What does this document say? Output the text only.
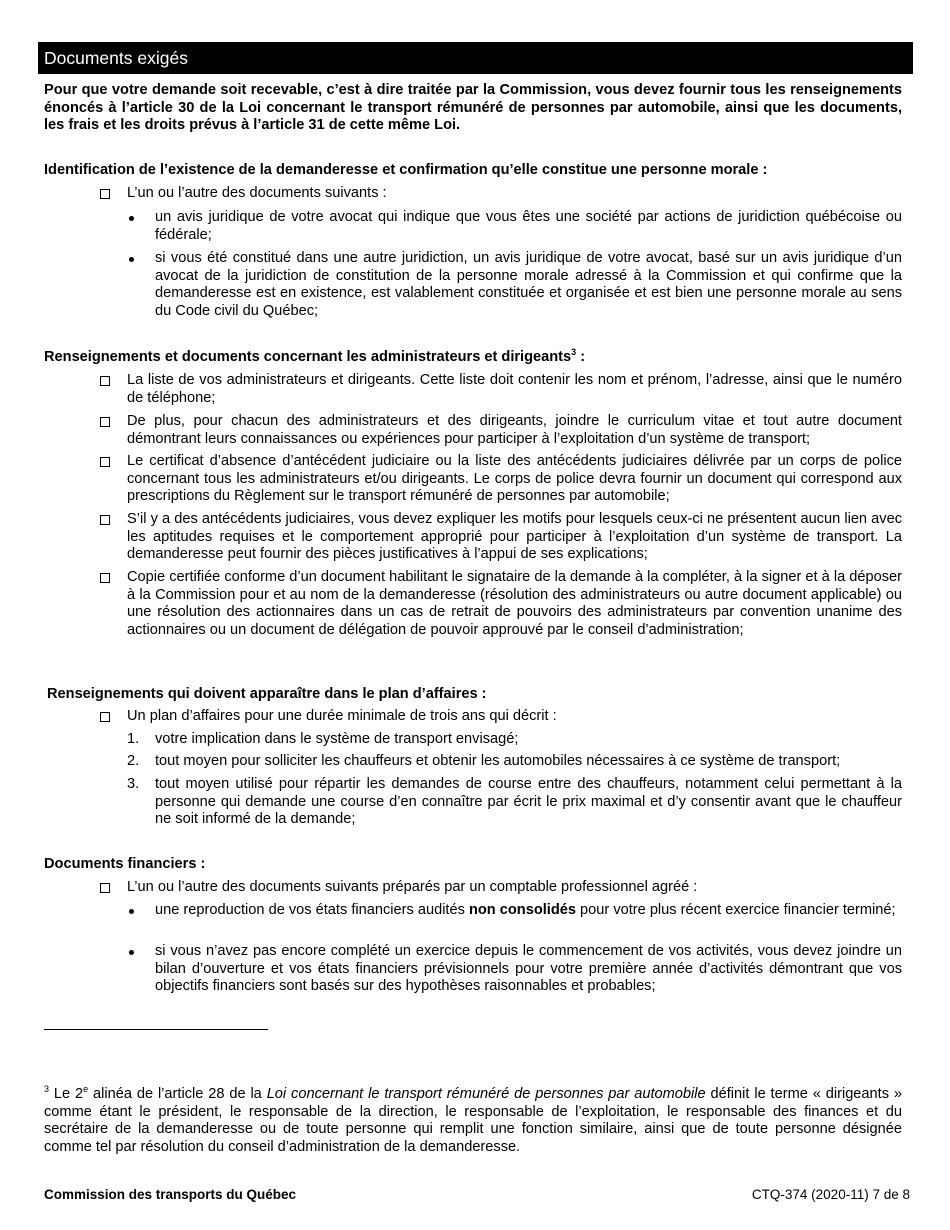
Documents exigés
Pour que votre demande soit recevable, c’est à dire traitée par la Commission, vous devez fournir tous les renseignements énoncés à l’article 30 de la Loi concernant le transport rémunéré de personnes par automobile, ainsi que les documents, les frais et les droits prévus à l’article 31 de cette même Loi.
Identification de l’existence de la demanderesse et confirmation qu’elle constitue une personne morale :
L’un ou l’autre des documents suivants :
un avis juridique de votre avocat qui indique que vous êtes une société par actions de juridiction québécoise ou fédérale;
si vous été constitué dans une autre juridiction, un avis juridique de votre avocat, basé sur un avis juridique d’un avocat de la juridiction de constitution de la personne morale adressé à la Commission et qui confirme que la demanderesse est en existence, est valablement constituée et organisée et est bien une personne morale au sens du Code civil du Québec;
Renseignements et documents concernant les administrateurs et dirigeants$^3$ :
La liste de vos administrateurs et dirigeants. Cette liste doit contenir les nom et prénom, l’adresse, ainsi que le numéro de téléphone;
De plus, pour chacun des administrateurs et des dirigeants, joindre le curriculum vitae et tout autre document démontrant leurs connaissances ou expériences pour participer à l’exploitation d’un système de transport;
Le certificat d’absence d’antécédent judiciaire ou la liste des antécédents judiciaires délivrée par un corps de police concernant tous les administrateurs et/ou dirigeants. Le corps de police devra fournir un document qui correspond aux prescriptions du Règlement sur le transport rémunéré de personnes par automobile;
S’il y a des antécédents judiciaires, vous devez expliquer les motifs pour lesquels ceux-ci ne présentent aucun lien avec les aptitudes requises et le comportement approprié pour participer à l’exploitation d’un système de transport. La demanderesse peut fournir des pièces justificatives à l’appui de ses explications;
Copie certifiée conforme d’un document habilitant le signataire de la demande à la compléter, à la signer et à la déposer à la Commission pour et au nom de la demanderesse (résolution des administrateurs ou autre document applicable) ou une résolution des actionnaires dans un cas de retrait de pouvoirs des administrateurs par convention unanime des actionnaires ou un document de délégation de pouvoir approuvé par le conseil d’administration;
Renseignements qui doivent apparaître dans le plan d’affaires :
Un plan d’affaires pour une durée minimale de trois ans qui décrit :
1. votre implication dans le système de transport envisagé;
2. tout moyen pour solliciter les chauffeurs et obtenir les automobiles nécessaires à ce système de transport;
3. tout moyen utilisé pour répartir les demandes de course entre des chauffeurs, notamment celui permettant à la personne qui demande une course d’en connaître par écrit le prix maximal et d’y consentir avant que le chauffeur ne soit informé de la demande;
Documents financiers :
L’un ou l’autre des documents suivants préparés par un comptable professionnel agréé :
une reproduction de vos états financiers audités non consolidés pour votre plus récent exercice financier terminé;
si vous n’avez pas encore complété un exercice depuis le commencement de vos activités, vous devez joindre un bilan d’ouverture et vos états financiers prévisionnels pour votre première année d’activités démontrant que vos objectifs financiers sont basés sur des hypothèses raisonnables et probables;
$^3$ Le 2e alinéa de l’article 28 de la Loi concernant le transport rémunéré de personnes par automobile définit le terme « dirigeants » comme étant le président, le responsable de la direction, le responsable de l’exploitation, le responsable des finances et du secrétaire de la demanderesse ou de toute personne qui remplit une fonction similaire, ainsi que de toute personne désignée comme tel par résolution du conseil d’administration de la demanderesse.
Commission des transports du Québec	CTQ-374 (2020-11) 7 de 8
